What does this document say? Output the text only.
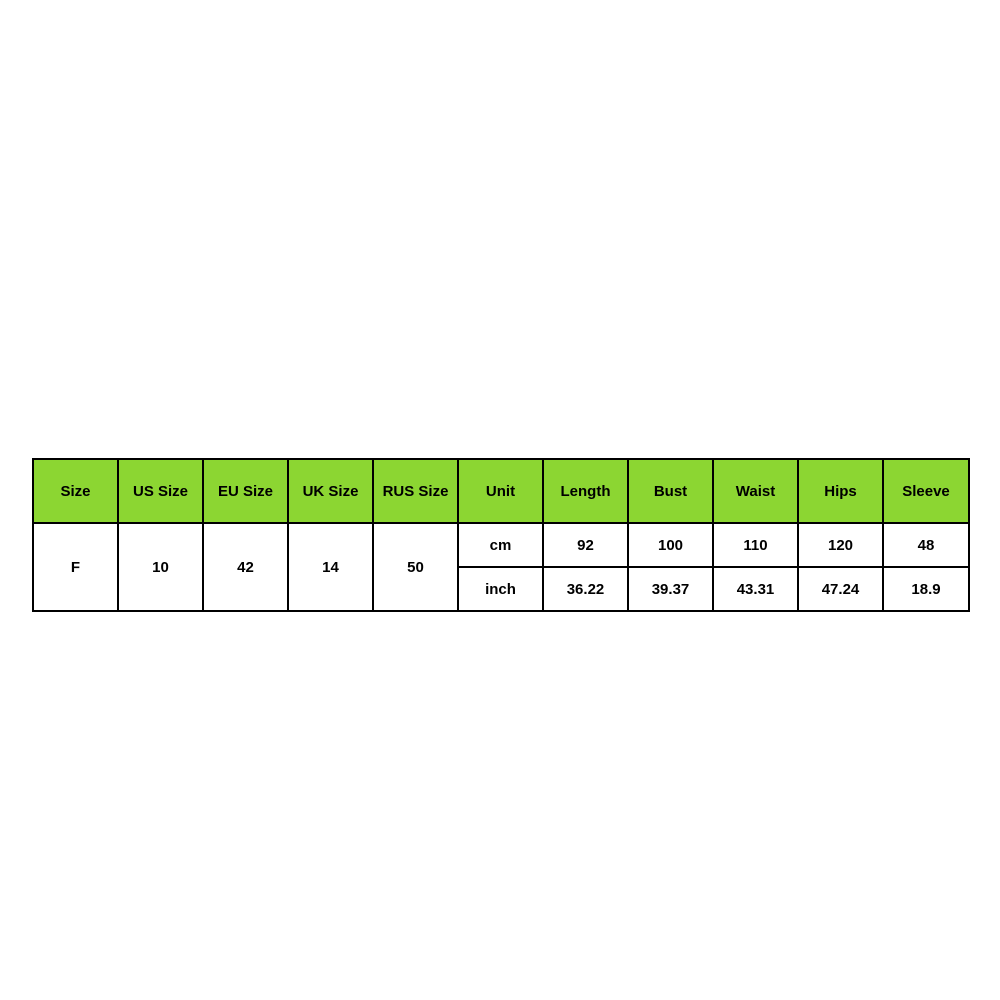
Size	US Size	EU Size	UK Size	RUS Size	Unit	Length	Bust	Waist	Hips	Sleeve
F	10	42	14	50	cm	92	100	110	120	48
					inch	36.22	39.37	43.31	47.24	18.9
